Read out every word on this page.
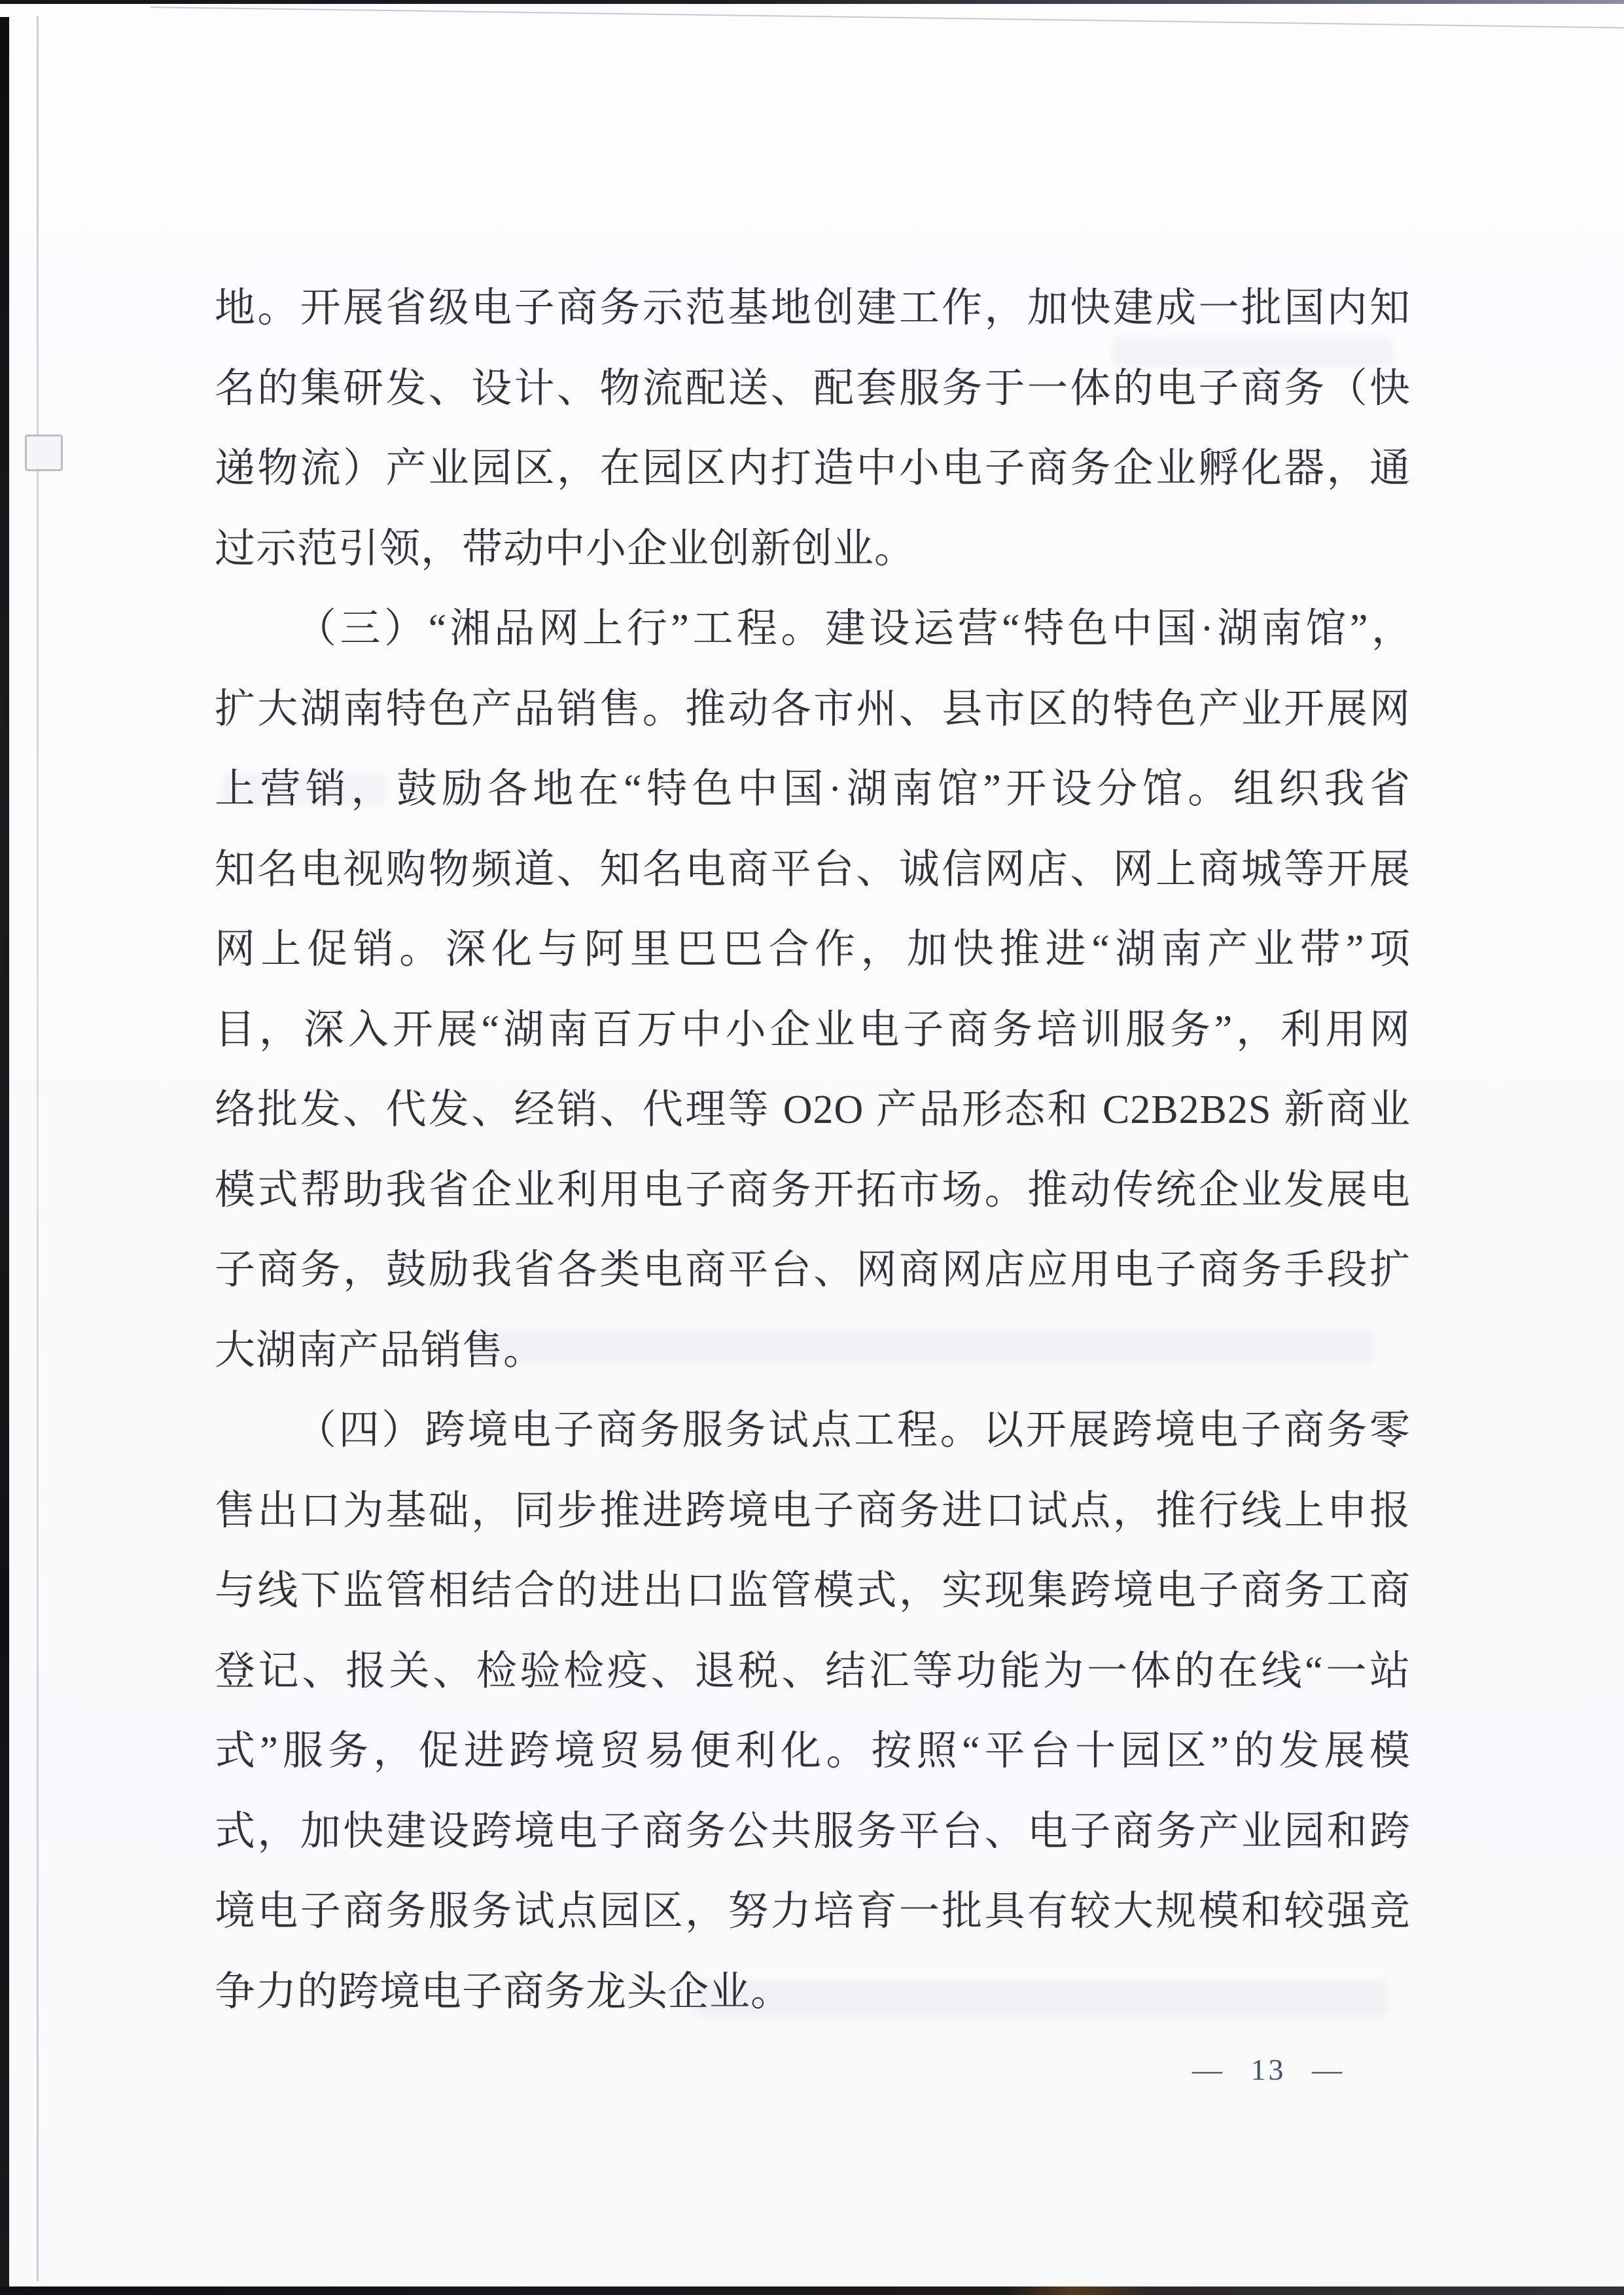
地。开展省级电子商务示范基地创建工作，加快建成一批国内知
名的集研发、设计、物流配送、配套服务于一体的电子商务（快
递物流）产业园区，在园区内打造中小电子商务企业孵化器，通
过示范引领，带动中小企业创新创业。
（三）“湘品网上行”工程。建设运营“特色中国·湖南馆”，
扩大湖南特色产品销售。推动各市州、县市区的特色产业开展网
上营销，鼓励各地在“特色中国·湖南馆”开设分馆。组织我省
知名电视购物频道、知名电商平台、诚信网店、网上商城等开展
网上促销。深化与阿里巴巴合作，加快推进“湖南产业带”项
目，深入开展“湖南百万中小企业电子商务培训服务”，利用网
络批发、代发、经销、代理等 O2O 产品形态和 C2B2B2S 新商业
模式帮助我省企业利用电子商务开拓市场。推动传统企业发展电
子商务，鼓励我省各类电商平台、网商网店应用电子商务手段扩
大湖南产品销售。
（四）跨境电子商务服务试点工程。以开展跨境电子商务零
售出口为基础，同步推进跨境电子商务进口试点，推行线上申报
与线下监管相结合的进出口监管模式，实现集跨境电子商务工商
登记、报关、检验检疫、退税、结汇等功能为一体的在线“一站
式”服务，促进跨境贸易便利化。按照“平台十园区”的发展模
式，加快建设跨境电子商务公共服务平台、电子商务产业园和跨
境电子商务服务试点园区，努力培育一批具有较大规模和较强竞
争力的跨境电子商务龙头企业。
— 13 —
